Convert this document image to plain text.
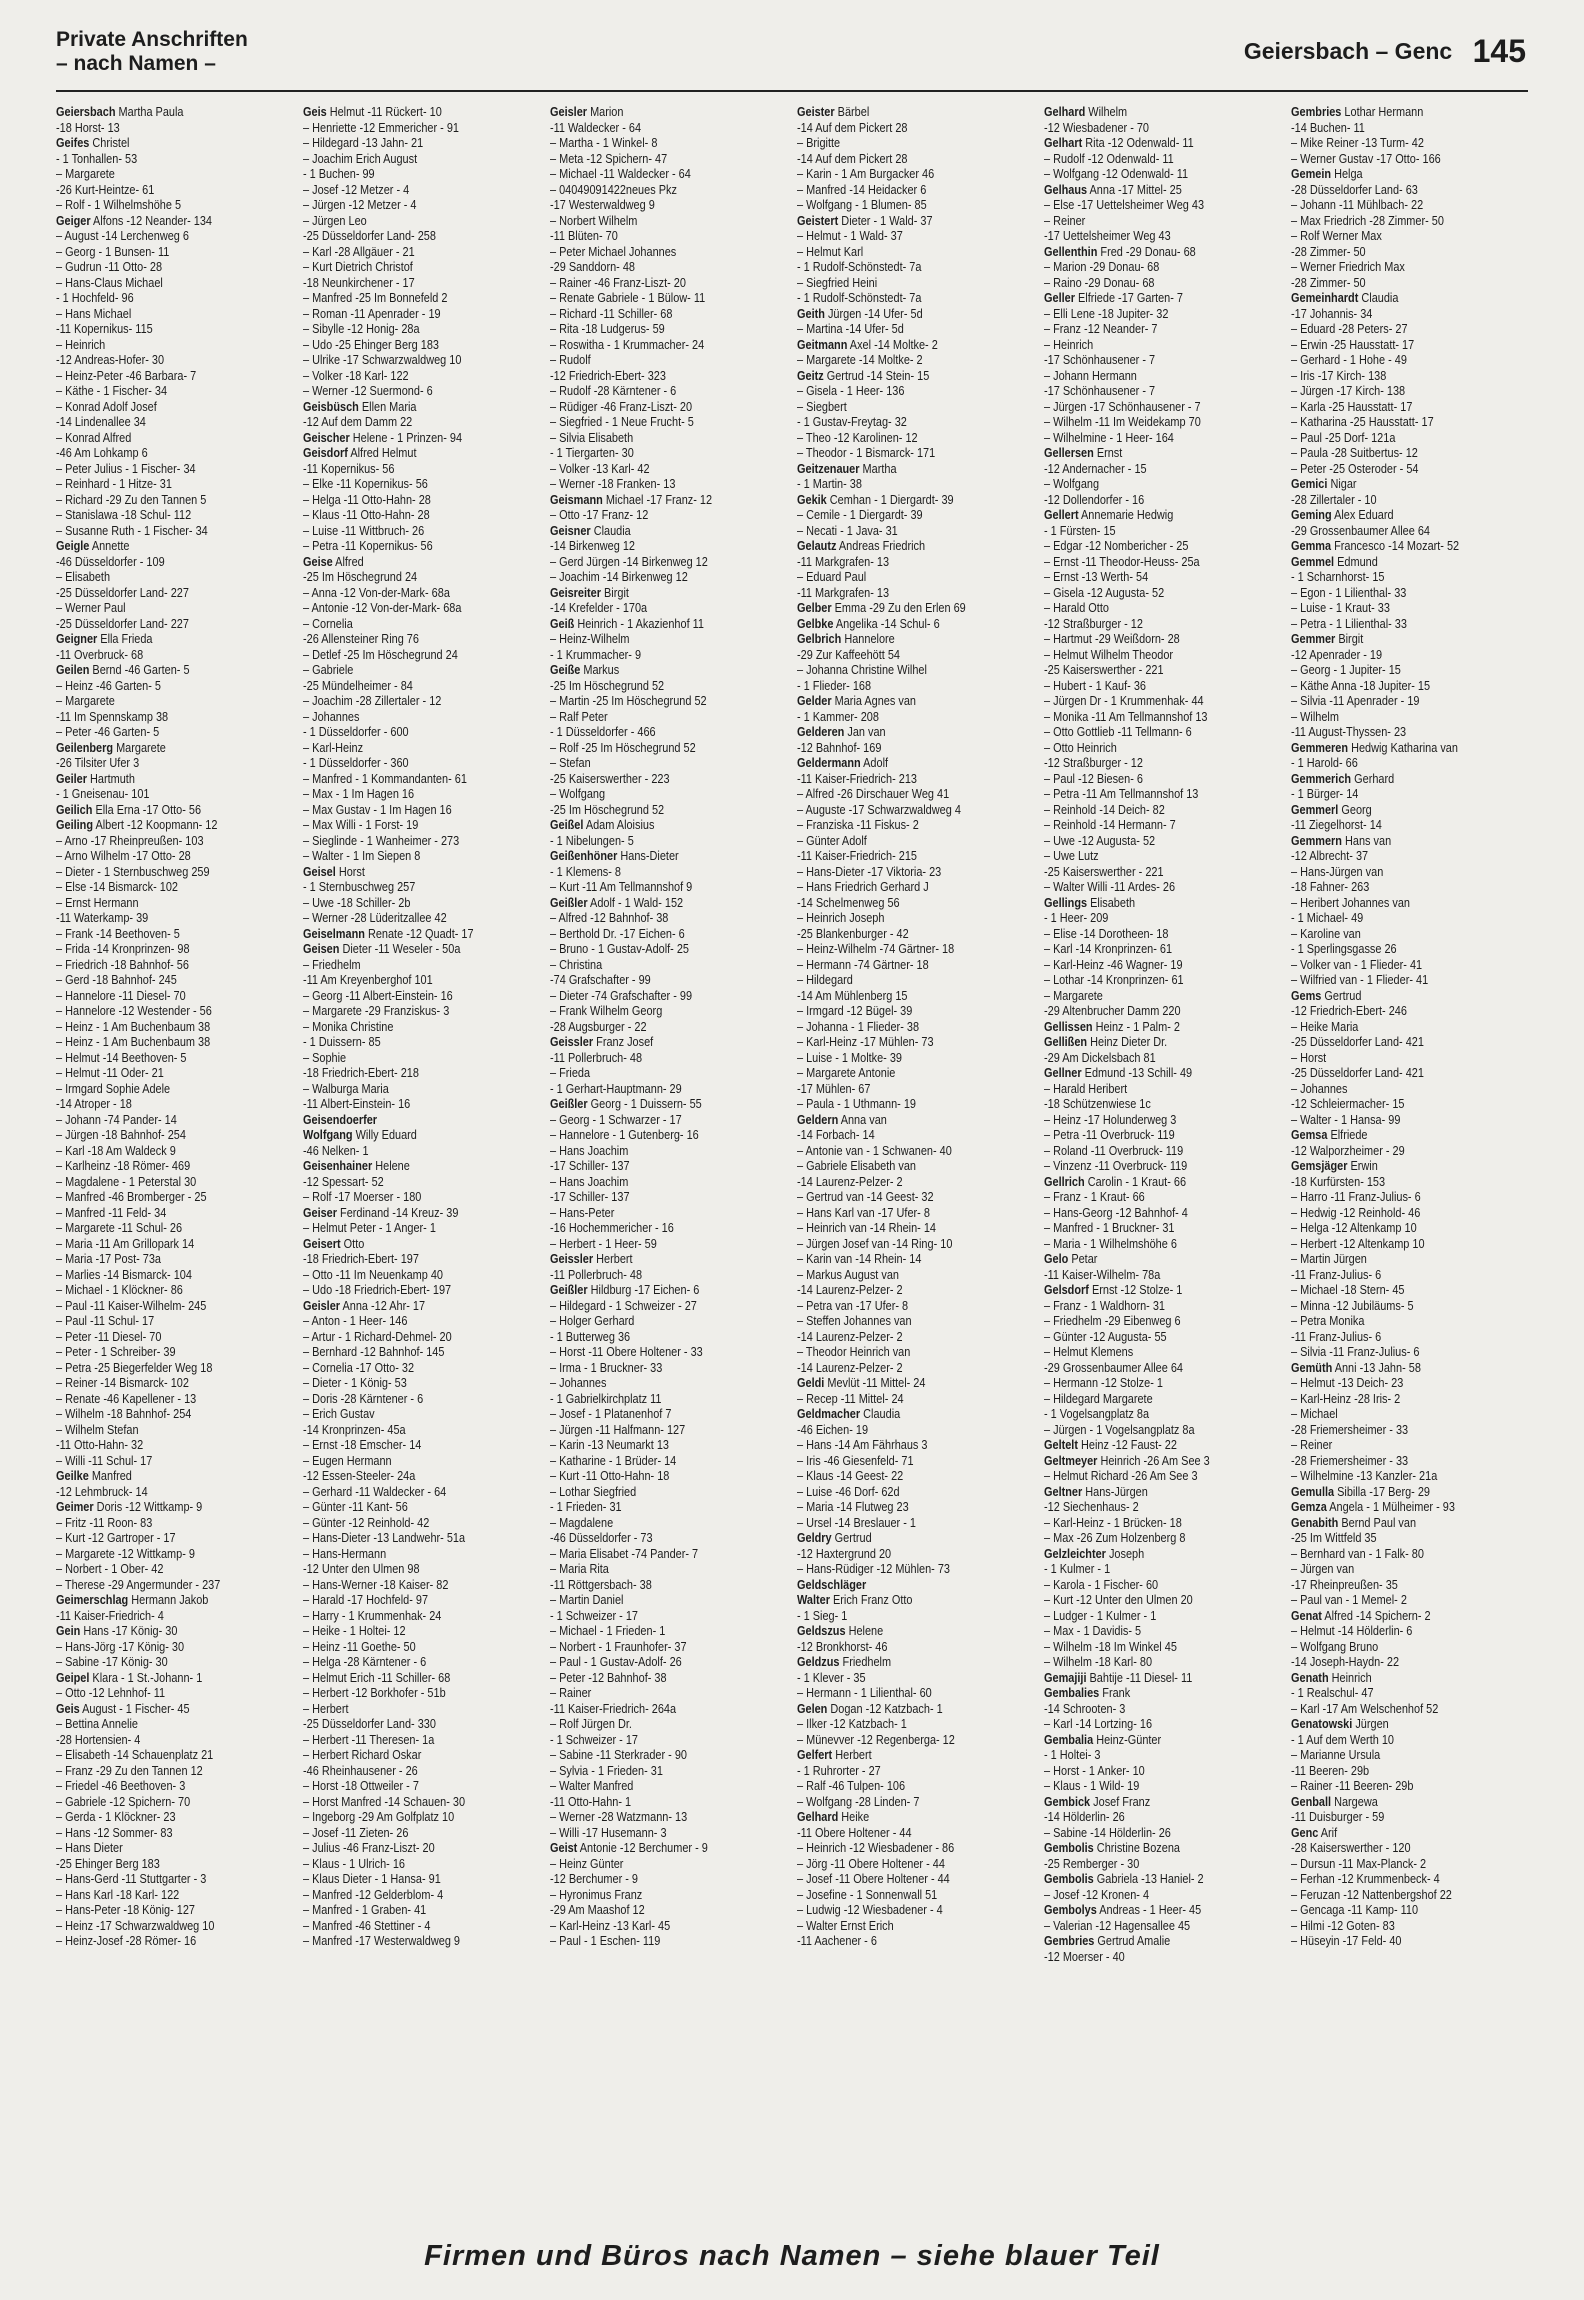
Private Anschriften
– nach Namen –	Geiersbach – Genc 145
Geiersbach Martha Paula
-18 Horst- 13
Geifes Christel
- 1 Tonhallen- 53
– Margarete
-26 Kurt-Heintze- 61
– Rolf - 1 Wilhelmshöhe 5
Geiger Alfons -12 Neander- 134
– August -14 Lerchenweg 6
– Georg - 1 Bunsen- 11
– Gudrun -11 Otto- 28
– Hans-Claus Michael
- 1 Hochfeld- 96
– Hans Michael
-11 Kopernikus- 115
– Heinrich
-12 Andreas-Hofer- 30
– Heinz-Peter -46 Barbara- 7
– Käthe - 1 Fischer- 34
– Konrad Adolf Josef
-14 Lindenallee 34
– Konrad Alfred
-46 Am Lohkamp 6
– Peter Julius - 1 Fischer- 34
– Reinhard - 1 Hitze- 31
– Richard -29 Zu den Tannen 5
– Stanislawa -18 Schul- 112
– Susanne Ruth - 1 Fischer- 34
Geigle Annette
-46 Düsseldorfer - 109
– Elisabeth
-25 Düsseldorfer Land- 227
– Werner Paul
-25 Düsseldorfer Land- 227
Geigner Ella Frieda
-11 Overbruck- 68
Geilen Bernd -46 Garten- 5
– Heinz -46 Garten- 5
– Margarete
-11 Im Spennskamp 38
– Peter -46 Garten- 5
Geilenberg Margarete
-26 Tilsiter Ufer 3
Geiler Hartmuth
- 1 Gneisenau- 101
Geilich Ella Erna -17 Otto- 56
Geiling Albert -12 Koopmann- 12
– Arno -17 Rheinpreußen- 103
– Arno Wilhelm -17 Otto- 28
– Dieter - 1 Sternbuschweg 259
– Else -14 Bismarck- 102
– Ernst Hermann
-11 Waterkamp- 39
– Frank -14 Beethoven- 5
– Frida -14 Kronprinzen- 98
– Friedrich -18 Bahnhof- 56
– Gerd -18 Bahnhof- 245
– Hannelore -11 Diesel- 70
– Hannelore -12 Westender - 56
– Heinz - 1 Am Buchenbaum 38
– Heinz - 1 Am Buchenbaum 38
– Helmut -14 Beethoven- 5
– Helmut -11 Oder- 21
– Irmgard Sophie Adele
-14 Atroper - 18
– Johann -74 Pander- 14
– Jürgen -18 Bahnhof- 254
– Karl -18 Am Waldeck 9
– Karlheinz -18 Römer- 469
– Magdalene - 1 Peterstal 30
– Manfred -46 Bromberger - 25
– Manfred -11 Feld- 34
– Margarete -11 Schul- 26
– Maria -11 Am Grillopark 14
– Maria -17 Post- 73a
– Marlies -14 Bismarck- 104
– Michael - 1 Klöckner- 86
– Paul -11 Kaiser-Wilhelm- 245
– Paul -11 Schul- 17
– Peter -11 Diesel- 70
– Peter - 1 Schreiber- 39
– Petra -25 Biegerfelder Weg 18
– Reiner -14 Bismarck- 102
– Renate -46 Kapellener - 13
– Wilhelm -18 Bahnhof- 254
– Wilhelm Stefan
-11 Otto-Hahn- 32
– Willi -11 Schul- 17
Geilke Manfred
-12 Lehmbruck- 14
Geimer Doris -12 Wittkamp- 9
– Fritz -11 Roon- 83
– Kurt -12 Gartroper - 17
– Margarete -12 Wittkamp- 9
– Norbert - 1 Ober- 42
– Therese -29 Angermunder - 237
Geimerschlag Hermann Jakob
-11 Kaiser-Friedrich- 4
Gein Hans -17 König- 30
– Hans-Jörg -17 König- 30
– Sabine -17 König- 30
Geipel Klara - 1 St.-Johann- 1
– Otto -12 Lehnhof- 11
Geis August - 1 Fischer- 45
– Bettina Annelie
-28 Hortensien- 4
– Elisabeth -14 Schauenplatz 21
– Franz -29 Zu den Tannen 12
– Friedel -46 Beethoven- 3
– Gabriele -12 Spichern- 70
– Gerda - 1 Klöckner- 23
– Hans -12 Sommer- 83
– Hans Dieter
-25 Ehinger Berg 183
– Hans-Gerd -11 Stuttgarter - 3
– Hans Karl -18 Karl- 122
– Hans-Peter -18 König- 127
– Heinz -17 Schwarzwaldweg 10
– Heinz-Josef -28 Römer- 16
Geis Helmut -11 Rückert- 10
– Henriette -12 Emmericher - 91
– Hildegard -13 Jahn- 21
– Joachim Erich August
- 1 Buchen- 99
– Josef -12 Metzer - 4
– Jürgen -12 Metzer - 4
– Jürgen Leo
-25 Düsseldorfer Land- 258
– Karl -28 Allgäuer - 21
– Kurt Dietrich Christof
-18 Neunkirchener - 17
– Manfred -25 Im Bonnefeld 2
– Roman -11 Apenrader - 19
– Sibylle -12 Honig- 28a
– Udo -25 Ehinger Berg 183
– Ulrike -17 Schwarzwaldweg 10
– Volker -18 Karl- 122
– Werner -12 Suermond- 6
Geisbüsch Ellen Maria
-12 Auf dem Damm 22
Geischer Helene - 1 Prinzen- 94
Geisdorf Alfred Helmut
-11 Kopernikus- 56
– Elke -11 Kopernikus- 56
– Helga -11 Otto-Hahn- 28
– Klaus -11 Otto-Hahn- 28
– Luise -11 Wittbruch- 26
– Petra -11 Kopernikus- 56
Geise Alfred
-25 Im Höschegrund 24
– Anna -12 Von-der-Mark- 68a
– Antonie -12 Von-der-Mark- 68a
– Cornelia
-26 Allensteiner Ring 76
– Detlef -25 Im Höschegrund 24
– Gabriele
-25 Mündelheimer - 84
– Joachim -28 Zillertaler - 12
– Johannes
- 1 Düsseldorfer - 600
– Karl-Heinz
- 1 Düsseldorfer - 360
– Manfred - 1 Kommandanten- 61
– Max - 1 Im Hagen 16
– Max Gustav - 1 Im Hagen 16
– Max Willi - 1 Forst- 19
– Sieglinde - 1 Wanheimer - 273
– Walter - 1 Im Siepen 8
Geisel Horst
- 1 Sternbuschweg 257
– Uwe -18 Schiller- 2b
– Werner -28 Lüderitzallee 42
Geiselmann Renate -12 Quadt- 17
Geisen Dieter -11 Weseler - 50a
– Friedhelm
-11 Am Kreyenberghof 101
– Georg -11 Albert-Einstein- 16
– Margarete -29 Franziskus- 3
– Monika Christine
- 1 Duissern- 85
– Sophie
-18 Friedrich-Ebert- 218
– Walburga Maria
-11 Albert-Einstein- 16
Geisendoerfer
Wolfgang Willy Eduard
-46 Nelken- 1
Geisenhainer Helene
-12 Spessart- 52
– Rolf -17 Moerser - 180
Geiser Ferdinand -14 Kreuz- 39
– Helmut Peter - 1 Anger- 1
Geisert Otto
-18 Friedrich-Ebert- 197
– Otto -11 Im Neuenkamp 40
– Udo -18 Friedrich-Ebert- 197
Geisler Anna -12 Ahr- 17
– Anton - 1 Heer- 146
– Artur - 1 Richard-Dehmel- 20
– Bernhard -12 Bahnhof- 145
– Cornelia -17 Otto- 32
– Dieter - 1 König- 53
– Doris -28 Kärntener - 6
– Erich Gustav
-14 Kronprinzen- 45a
– Ernst -18 Emscher- 14
– Eugen Hermann
-12 Essen-Steeler- 24a
– Gerhard -11 Waldecker - 64
– Günter -11 Kant- 56
– Günter -12 Reinhold- 42
– Hans-Dieter -13 Landwehr- 51a
– Hans-Hermann
-12 Unter den Ulmen 98
– Hans-Werner -18 Kaiser- 82
– Harald -17 Hochfeld- 97
– Harry - 1 Krummenhak- 24
– Heike - 1 Holtei- 12
– Heinz -11 Goethe- 50
– Helga -28 Kärntener - 6
– Helmut Erich -11 Schiller- 68
– Herbert -12 Borkhofer - 51b
– Herbert
-25 Düsseldorfer Land- 330
– Herbert -11 Theresen- 1a
– Herbert Richard Oskar
-46 Rheinhausener - 26
– Horst -18 Ottweiler - 7
– Horst Manfred -14 Schauen- 30
– Ingeborg -29 Am Golfplatz 10
– Josef -11 Zieten- 26
– Julius -46 Franz-Liszt- 20
– Klaus - 1 Ulrich- 16
– Klaus Dieter - 1 Hansa- 91
– Manfred -12 Gelderblom- 4
– Manfred - 1 Graben- 41
– Manfred -46 Stettiner - 4
– Manfred -17 Westerwaldweg 9
Geisler Marion
-11 Waldecker - 64
– Martha - 1 Winkel- 8
– Meta -12 Spichern- 47
– Michael -11 Waldecker - 64
– 04049091422neues Pkz
-17 Westerwaldweg 9
– Norbert Wilhelm
-11 Blüten- 70
– Peter Michael Johannes
-29 Sanddorn- 48
– Rainer -46 Franz-Liszt- 20
– Renate Gabriele - 1 Bülow- 11
– Richard -11 Schiller- 68
– Rita -18 Ludgerus- 59
– Roswitha - 1 Krummacher- 24
– Rudolf
-12 Friedrich-Ebert- 323
– Rudolf -28 Kärntener - 6
– Rüdiger -46 Franz-Liszt- 20
– Siegfried - 1 Neue Frucht- 5
– Silvia Elisabeth
- 1 Tiergarten- 30
– Volker -13 Karl- 42
– Werner -18 Franken- 13
Geismann Michael -17 Franz- 12
– Otto -17 Franz- 12
Geisner Claudia
-14 Birkenweg 12
– Gerd Jürgen -14 Birkenweg 12
– Joachim -14 Birkenweg 12
Geisreiter Birgit
-14 Krefelder - 170a
Geiß Heinrich - 1 Akazienhof 11
– Heinz-Wilhelm
- 1 Krummacher- 9
Geiße Markus
-25 Im Höschegrund 52
– Martin -25 Im Höschegrund 52
– Ralf Peter
- 1 Düsseldorfer - 466
– Rolf -25 Im Höschegrund 52
– Stefan
-25 Kaiserswerther - 223
– Wolfgang
-25 Im Höschegrund 52
Geißel Adam Aloisius
- 1 Nibelungen- 5
Geißenhöner Hans-Dieter
- 1 Klemens- 8
– Kurt -11 Am Tellmannshof 9
Geißler Adolf - 1 Wald- 152
– Alfred -12 Bahnhof- 38
– Berthold Dr. -17 Eichen- 6
– Bruno - 1 Gustav-Adolf- 25
– Christina
-74 Grafschafter - 99
– Dieter -74 Grafschafter - 99
– Frank Wilhelm Georg
-28 Augsburger - 22
Geissler Franz Josef
-11 Pollerbruch- 48
– Frieda
- 1 Gerhart-Hauptmann- 29
Geißler Georg - 1 Duissern- 55
– Georg - 1 Schwarzer - 17
– Hannelore - 1 Gutenberg- 16
– Hans Joachim
-17 Schiller- 137
– Hans Joachim
-17 Schiller- 137
– Hans-Peter
-16 Hochemmericher - 16
– Herbert - 1 Heer- 59
Geissler Herbert
-11 Pollerbruch- 48
Geißler Hildburg -17 Eichen- 6
– Hildegard - 1 Schweizer - 27
– Holger Gerhard
- 1 Butterweg 36
– Horst -11 Obere Holtener - 33
– Irma - 1 Bruckner- 33
– Johannes
- 1 Gabrielkirchplatz 11
– Josef - 1 Platanenhof 7
– Jürgen -11 Halfmann- 127
– Karin -13 Neumarkt 13
– Katharine - 1 Brüder- 14
– Kurt -11 Otto-Hahn- 18
– Lothar Siegfried
- 1 Frieden- 31
– Magdalene
-46 Düsseldorfer - 73
– Maria Elisabet -74 Pander- 7
– Maria Rita
-11 Röttgersbach- 38
– Martin Daniel
- 1 Schweizer - 17
– Michael - 1 Frieden- 1
– Norbert - 1 Fraunhofer- 37
– Paul - 1 Gustav-Adolf- 26
– Peter -12 Bahnhof- 38
– Rainer
-11 Kaiser-Friedrich- 264a
– Rolf Jürgen Dr.
- 1 Schweizer - 17
– Sabine -11 Sterkrader - 90
– Sylvia - 1 Frieden- 31
– Walter Manfred
-11 Otto-Hahn- 1
– Werner -28 Watzmann- 13
– Willi -17 Husemann- 3
Geist Antonie -12 Berchumer - 9
– Heinz Günter
-12 Berchumer - 9
– Hyronimus Franz
-29 Am Maashof 12
– Karl-Heinz -13 Karl- 45
– Paul - 1 Eschen- 119
Geister Bärbel
-14 Auf dem Pickert 28
– Brigitte
-14 Auf dem Pickert 28
– Karin - 1 Am Burgacker 46
– Manfred -14 Heidacker 6
– Wolfgang - 1 Blumen- 85
Geistert Dieter - 1 Wald- 37
– Helmut - 1 Wald- 37
– Helmut Karl
- 1 Rudolf-Schönstedt- 7a
– Siegfried Heini
- 1 Rudolf-Schönstedt- 7a
Geith Jürgen -14 Ufer- 5d
– Martina -14 Ufer- 5d
Geitmann Axel -14 Moltke- 2
– Margarete -14 Moltke- 2
Geitz Gertrud -14 Stein- 15
– Gisela - 1 Heer- 136
– Siegbert
- 1 Gustav-Freytag- 32
– Theo -12 Karolinen- 12
– Theodor - 1 Bismarck- 171
Geitzenauer Martha
- 1 Martin- 38
Gekik Cemhan - 1 Diergardt- 39
– Cemile - 1 Diergardt- 39
– Necati - 1 Java- 31
Gelautz Andreas Friedrich
-11 Markgrafen- 13
– Eduard Paul
-11 Markgrafen- 13
Gelber Emma -29 Zu den Erlen 69
Gelbke Angelika -14 Schul- 6
Gelbrich Hannelore
-29 Zur Kaffeehött 54
– Johanna Christine Wilhel
- 1 Flieder- 168
Gelder Maria Agnes van
- 1 Kammer- 208
Gelderen Jan van
-12 Bahnhof- 169
Geldermann Adolf
-11 Kaiser-Friedrich- 213
– Alfred -26 Dirschauer Weg 41
– Auguste -17 Schwarzwaldweg 4
– Franziska -11 Fiskus- 2
– Günter Adolf
-11 Kaiser-Friedrich- 215
– Hans-Dieter -17 Viktoria- 23
– Hans Friedrich Gerhard J
-14 Schelmenweg 56
– Heinrich Joseph
-25 Blankenburger - 42
– Heinz-Wilhelm -74 Gärtner- 18
– Hermann -74 Gärtner- 18
– Hildegard
-14 Am Mühlenberg 15
– Irmgard -12 Bügel- 39
– Johanna - 1 Flieder- 38
– Karl-Heinz -17 Mühlen- 73
– Luise - 1 Moltke- 39
– Margarete Antonie
-17 Mühlen- 67
– Paula - 1 Uthmann- 19
Geldern Anna van
-14 Forbach- 14
– Antonie van - 1 Schwanen- 40
– Gabriele Elisabeth van
-14 Laurenz-Pelzer- 2
– Gertrud van -14 Geest- 32
– Hans Karl van -17 Ufer- 8
– Heinrich van -14 Rhein- 14
– Jürgen Josef van -14 Ring- 10
– Karin van -14 Rhein- 14
– Markus August van
-14 Laurenz-Pelzer- 2
– Petra van -17 Ufer- 8
– Steffen Johannes van
-14 Laurenz-Pelzer- 2
– Theodor Heinrich van
-14 Laurenz-Pelzer- 2
Geldi Mevlüt -11 Mittel- 24
– Recep -11 Mittel- 24
Geldmacher Claudia
-46 Eichen- 19
– Hans -14 Am Fährhaus 3
– Iris -46 Giesenfeld- 71
– Klaus -14 Geest- 22
– Luise -46 Dorf- 62d
– Maria -14 Flutweg 23
– Ursel -14 Breslauer - 1
Geldry Gertrud
-12 Haxtergrund 20
– Hans-Rüdiger -12 Mühlen- 73
Geldschläger
Walter Erich Franz Otto
- 1 Sieg- 1
Geldszus Helene
-12 Bronkhorst- 46
Geldzus Friedhelm
- 1 Klever - 35
– Hermann - 1 Lilienthal- 60
Gelen Dogan -12 Katzbach- 1
– Ilker -12 Katzbach- 1
– Münevver -12 Regenberga- 12
Gelfert Herbert
- 1 Ruhrorter - 27
– Ralf -46 Tulpen- 106
– Wolfgang -28 Linden- 7
Gelhard Heike
-11 Obere Holtener - 44
– Heinrich -12 Wiesbadener - 86
– Jörg -11 Obere Holtener - 44
– Josef -11 Obere Holtener - 44
– Josefine - 1 Sonnenwall 51
– Ludwig -12 Wiesbadener - 4
– Walter Ernst Erich
-11 Aachener - 6
Gelhard Wilhelm
-12 Wiesbadener - 70
Gelhart Rita -12 Odenwald- 11
– Rudolf -12 Odenwald- 11
– Wolfgang -12 Odenwald- 11
Gelhaus Anna -17 Mittel- 25
– Else -17 Uettelsheimer Weg 43
– Reiner
-17 Uettelsheimer Weg 43
Gellenthin Fred -29 Donau- 68
– Marion -29 Donau- 68
– Raino -29 Donau- 68
Geller Elfriede -17 Garten- 7
– Elli Lene -18 Jupiter- 32
– Franz -12 Neander- 7
– Heinrich
-17 Schönhausener - 7
– Johann Hermann
-17 Schönhausener - 7
– Jürgen -17 Schönhausener - 7
– Wilhelm -11 Im Weidekamp 70
– Wilhelmine - 1 Heer- 164
Gellersen Ernst
-12 Andernacher - 15
– Wolfgang
-12 Dollendorfer - 16
Gellert Annemarie Hedwig
- 1 Fürsten- 15
– Edgar -12 Nombericher - 25
– Ernst -11 Theodor-Heuss- 25a
– Ernst -13 Werth- 54
– Gisela -12 Augusta- 52
– Harald Otto
-12 Straßburger - 12
– Hartmut -29 Weißdorn- 28
– Helmut Wilhelm Theodor
-25 Kaiserswerther - 221
– Hubert - 1 Kauf- 36
– Jürgen Dr - 1 Krummenhak- 44
– Monika -11 Am Tellmannshof 13
– Otto Gottlieb -11 Tellmann- 6
– Otto Heinrich
-12 Straßburger - 12
– Paul -12 Biesen- 6
– Petra -11 Am Tellmannshof 13
– Reinhold -14 Deich- 82
– Reinhold -14 Hermann- 7
– Uwe -12 Augusta- 52
– Uwe Lutz
-25 Kaiserswerther - 221
– Walter Willi -11 Ardes- 26
Gellings Elisabeth
- 1 Heer- 209
– Elise -14 Dorotheen- 18
– Karl -14 Kronprinzen- 61
– Karl-Heinz -46 Wagner- 19
– Lothar -14 Kronprinzen- 61
– Margarete
-29 Altenbrucher Damm 220
Gellissen Heinz - 1 Palm- 2
Gellißen Heinz Dieter Dr.
-29 Am Dickelsbach 81
Gellner Edmund -13 Schill- 49
– Harald Heribert
-18 Schützenwiese 1c
– Heinz -17 Holunderweg 3
– Petra -11 Overbruck- 119
– Roland -11 Overbruck- 119
– Vinzenz -11 Overbruck- 119
Gellrich Carolin - 1 Kraut- 66
– Franz - 1 Kraut- 66
– Hans-Georg -12 Bahnhof- 4
– Manfred - 1 Bruckner- 31
– Maria - 1 Wilhelmshöhe 6
Gelo Petar
-11 Kaiser-Wilhelm- 78a
Gelsdorf Ernst -12 Stolze- 1
– Franz - 1 Waldhorn- 31
– Friedhelm -29 Eibenweg 6
– Günter -12 Augusta- 55
– Helmut Klemens
-29 Grossenbaumer Allee 64
– Hermann -12 Stolze- 1
– Hildegard Margarete
- 1 Vogelsangplatz 8a
– Jürgen - 1 Vogelsangplatz 8a
Geltelt Heinz -12 Faust- 22
Geltmeyer Heinrich -26 Am See 3
– Helmut Richard -26 Am See 3
Geltner Hans-Jürgen
-12 Siechenhaus- 2
– Karl-Heinz - 1 Brücken- 18
– Max -26 Zum Holzenberg 8
Gelzleichter Joseph
- 1 Kulmer - 1
– Karola - 1 Fischer- 60
– Kurt -12 Unter den Ulmen 20
– Ludger - 1 Kulmer - 1
– Max - 1 Davidis- 5
– Wilhelm -18 Im Winkel 45
– Wilhelm -18 Karl- 80
Gemajiji Bahtije -11 Diesel- 11
Gembalies Frank
-14 Schrooten- 3
– Karl -14 Lortzing- 16
Gembalia Heinz-Günter
- 1 Holtei- 3
– Horst - 1 Anker- 10
– Klaus - 1 Wild- 19
Gembick Josef Franz
-14 Hölderlin- 26
– Sabine -14 Hölderlin- 26
Gembolis Christine Bozena
-25 Remberger - 30
Gembolis Gabriela -13 Haniel- 2
– Josef -12 Kronen- 4
Gembolys Andreas - 1 Heer- 45
– Valerian -12 Hagensallee 45
Gembries Gertrud Amalie
-12 Moerser - 40
Gembries Lothar Hermann
-14 Buchen- 11
– Mike Reiner -13 Turm- 42
– Werner Gustav -17 Otto- 166
Gemein Helga
-28 Düsseldorfer Land- 63
– Johann -11 Mühlbach- 22
– Max Friedrich -28 Zimmer- 50
– Rolf Werner Max
-28 Zimmer- 50
– Werner Friedrich Max
-28 Zimmer- 50
Gemeinhardt Claudia
-17 Johannis- 34
– Eduard -28 Peters- 27
– Erwin -25 Hausstatt- 17
– Gerhard - 1 Hohe - 49
– Iris -17 Kirch- 138
– Jürgen -17 Kirch- 138
– Karla -25 Hausstatt- 17
– Katharina -25 Hausstatt- 17
– Paul -25 Dorf- 121a
– Paula -28 Suitbertus- 12
– Peter -25 Osteroder - 54
Gemici Nigar
-28 Zillertaler - 10
Geming Alex Eduard
-29 Grossenbaumer Allee 64
Gemma Francesco -14 Mozart- 52
Gemmel Edmund
- 1 Scharnhorst- 15
– Egon - 1 Lilienthal- 33
– Luise - 1 Kraut- 33
– Petra - 1 Lilienthal- 33
Gemmer Birgit
-12 Apenrader - 19
– Georg - 1 Jupiter- 15
– Käthe Anna -18 Jupiter- 15
– Silvia -11 Apenrader - 19
– Wilhelm
-11 August-Thyssen- 23
Gemmeren Hedwig Katharina van
- 1 Harold- 66
Gemmerich Gerhard
- 1 Bürger- 14
Gemmerl Georg
-11 Ziegelhorst- 14
Gemmern Hans van
-12 Albrecht- 37
– Hans-Jürgen van
-18 Fahner- 263
– Heribert Johannes van
- 1 Michael- 49
– Karoline van
- 1 Sperlingsgasse 26
– Volker van - 1 Flieder- 41
– Wilfried van - 1 Flieder- 41
Gems Gertrud
-12 Friedrich-Ebert- 246
– Heike Maria
-25 Düsseldorfer Land- 421
– Horst
-25 Düsseldorfer Land- 421
– Johannes
-12 Schleiermacher- 15
– Walter - 1 Hansa- 99
Gemsa Elfriede
-12 Walporzheimer - 29
Gemsjäger Erwin
-18 Kurfürsten- 153
– Harro -11 Franz-Julius- 6
– Hedwig -12 Reinhold- 46
– Helga -12 Altenkamp 10
– Herbert -12 Altenkamp 10
– Martin Jürgen
-11 Franz-Julius- 6
– Michael -18 Stern- 45
– Minna -12 Jubiläums- 5
– Petra Monika
-11 Franz-Julius- 6
– Silvia -11 Franz-Julius- 6
Gemüth Anni -13 Jahn- 58
– Helmut -13 Deich- 23
– Karl-Heinz -28 Iris- 2
– Michael
-28 Friemersheimer - 33
– Reiner
-28 Friemersheimer - 33
– Wilhelmine -13 Kanzler- 21a
Gemulla Sibilla -17 Berg- 29
Gemza Angela - 1 Mülheimer - 93
Genabith Bernd Paul van
-25 Im Wittfeld 35
– Bernhard van - 1 Falk- 80
– Jürgen van
-17 Rheinpreußen- 35
– Paul van - 1 Memel- 2
Genat Alfred -14 Spichern- 2
– Helmut -14 Hölderlin- 6
– Wolfgang Bruno
-14 Joseph-Haydn- 22
Genath Heinrich
- 1 Realschul- 47
– Karl -17 Am Welschenhof 52
Genatowski Jürgen
- 1 Auf dem Werth 10
– Marianne Ursula
-11 Beeren- 29b
– Rainer -11 Beeren- 29b
Genball Nargewa
-11 Duisburger - 59
Genc Arif
-28 Kaiserswerther - 120
– Dursun -11 Max-Planck- 2
– Ferhan -12 Krummenbeck- 4
– Feruzan -12 Nattenbergshof 22
– Gencaga -11 Kamp- 110
– Hilmi -12 Goten- 83
– Hüseyin -17 Feld- 40
Firmen und Büros nach Namen – siehe blauer Teil
